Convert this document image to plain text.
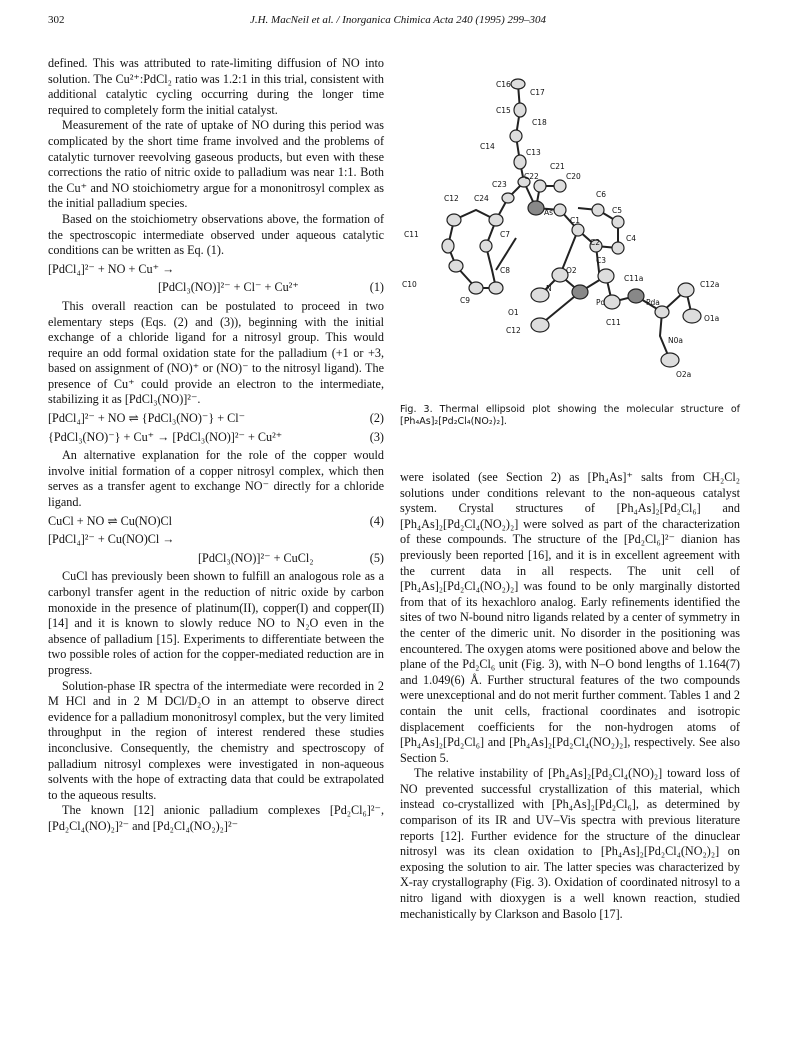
302	J.H. MacNeil et al. / Inorganica Chimica Acta 240 (1995) 299–304

defined. This was attributed to rate-limiting diffusion of NO into solution. The Cu²⁺:PdCl₂ ratio was 1.2:1 in this trial, consistent with additional catalytic cycling occurring during the longer time required to completely form the initial catalyst.

Measurement of the rate of uptake of NO during this period was complicated by the short time frame involved and the problems of catalytic turnover reevolving gaseous products, but even with these corrections the ratio of nitric oxide to palladium was near 1:1. Both the Cu⁺ and NO stoichiometry argue for a mononitrosyl complex as the initial palladium species.

Based on the stoichiometry observations above, the formation of the spectroscopic intermediate observed under aqueous catalytic conditions can be written as Eq. (1).

[PdCl₄]²⁻ + NO + Cu⁺ →
[PdCl₃(NO)]²⁻ + Cl⁻ + Cu²⁺	(1)

This overall reaction can be postulated to proceed in two elementary steps (Eqs. (2) and (3)), beginning with the initial exchange of a chloride ligand for a nitrosyl group. This would require an odd formal oxidation state for the palladium (+1 or +3, based on assignment of (NO)⁺ or (NO)⁻ to the nitrosyl ligand). The presence of Cu⁺ could provide an electron to the intermediate, stabilizing it as [PdCl₃(NO)]²⁻.

[PdCl₄]²⁻ + NO ⇌ {PdCl₃(NO)⁻} + Cl⁻	(2)
{PdCl₃(NO)⁻} + Cu⁺ → [PdCl₃(NO)]²⁻ + Cu²⁺	(3)

An alternative explanation for the role of the copper would involve initial formation of a copper nitrosyl complex, which then serves as a transfer agent to exchange NO⁻ directly for a chloride ligand.

CuCl + NO ⇌ Cu(NO)Cl	(4)
[PdCl₄]²⁻ + Cu(NO)Cl →
[PdCl₃(NO)]²⁻ + CuCl₂	(5)

CuCl has previously been shown to fulfill an analogous role as a carbonyl transfer agent in the reduction of nitric oxide by carbon monoxide in the presence of platinum(II), copper(I) and copper(II) [14] and it is known to slowly reduce NO to N₂O even in the absence of palladium [15]. Experiments to differentiate between the two possible roles of action for the copper-mediated reduction are in progress.

Solution-phase IR spectra of the intermediate were recorded in 2 M HCl and in 2 M DCl/D₂O in an attempt to observe direct evidence for a palladium mononitrosyl complex, but the very limited throughput in the region of interest rendered these studies inconclusive. Consequently, the chemistry and spectroscopy of palladium nitrosyl complexes were investigated in non-aqueous solvents with the hope of extracting data that could be extrapolated to the aqueous results.

The known [12] anionic palladium complexes [Pd₂Cl₆]²⁻, [Pd₂Cl₄(NO)₂]²⁻ and [Pd₂Cl₄(NO₂)₂]²⁻

C16
C17
C15
C18
C14
C13
C21
C22	C20
C23
C12 C24	C6
As	C5
C1
C11	C7
C2	C4
C3
C8	O2
C10
C9
C11a
N	C12a
Pd	Pda
O1
O1a
C11
C12
N0a
O2a
Fig. 3. Thermal ellipsoid plot showing the molecular structure of [Ph₄As]₂[Pd₂Cl₄(NO₂)₂].

were isolated (see Section 2) as [Ph₄As]⁺ salts from CH₂Cl₂ solutions under conditions relevant to the non-aqueous catalyst system. Crystal structures of [Ph₄As]₂[Pd₂Cl₆] and [Ph₄As]₂[Pd₂Cl₄(NO₂)₂] were solved as part of the characterization of these compounds. The structure of the [Pd₂Cl₆]²⁻ dianion has previously been reported [16], and it is in excellent agreement with the current data in all respects. The unit cell of [Ph₄As]₂[Pd₂Cl₄(NO₂)₂] was found to be only marginally distorted from that of its hexachloro analog. Early refinements identified the sites of two N-bound nitro ligands related by a center of symmetry in the center of the dimeric unit. No disorder in the positioning was encountered. The oxygen atoms were positioned above and below the plane of the Pd₂Cl₆ unit (Fig. 3), with N–O bond lengths of 1.164(7) and 1.049(6) Å. Further structural features of the two compounds were unexceptional and do not merit further comment. Tables 1 and 2 contain the unit cells, fractional coordinates and isotropic displacement coefficients for the non-hydrogen atoms of [Ph₄As]₂[Pd₂Cl₆] and [Ph₄As]₂[Pd₂Cl₄(NO₂)₂], respectively. See also Section 5.

The relative instability of [Ph₄As]₂[Pd₂Cl₄(NO)₂] toward loss of NO prevented successful crystallization of this material, which instead co-crystallized with [Ph₄As]₂[Pd₂Cl₆], as determined by comparison of its IR and UV–Vis spectra with previous literature reports [12]. Further evidence for the structure of the dinuclear nitrosyl was its clean oxidation to [Ph₄As]₂[Pd₂Cl₄(NO₂)₂] on exposing the solution to air. The latter species was characterized by X-ray crystallography (Fig. 3). Oxidation of coordinated nitrosyl to a nitro ligand with dioxygen is a well known reaction, studied mechanistically by Clarkson and Basolo [17].
